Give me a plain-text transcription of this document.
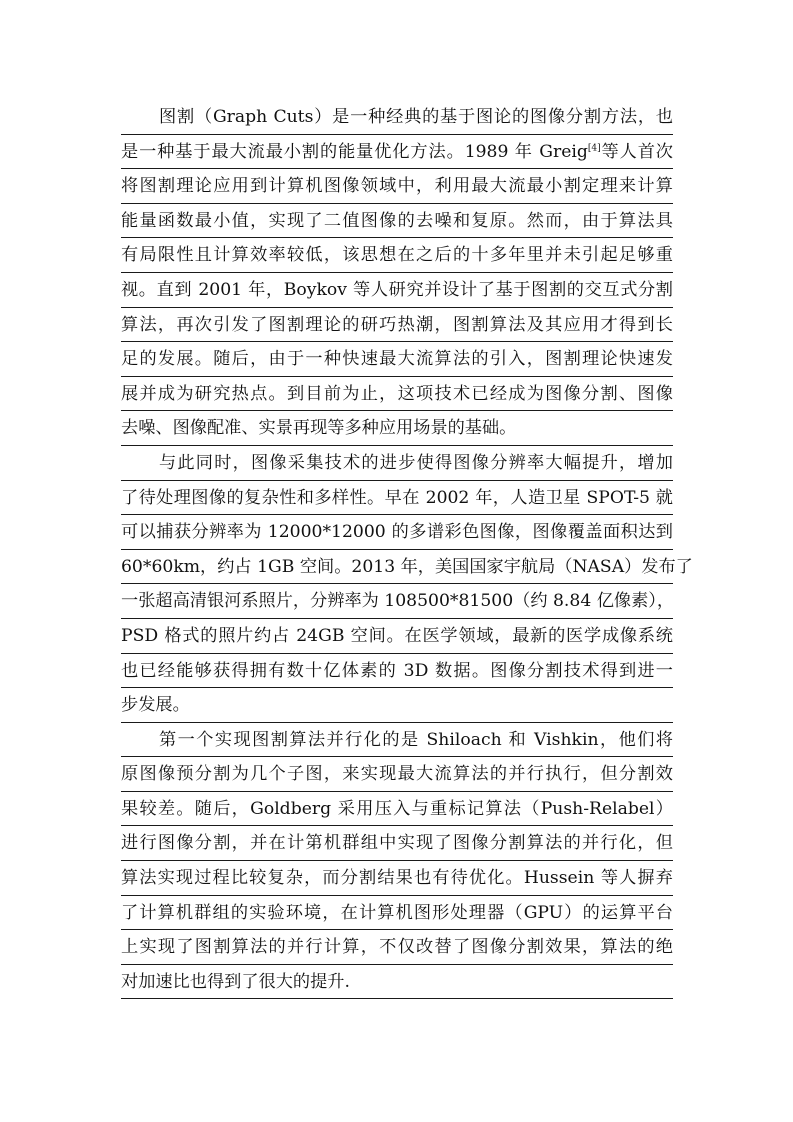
图割（Graph Cuts）是一种经典的基于图论的图像分割方法，也
是一种基于最大流最小割的能量优化方法。1989 年 Greig[4]等人首次
将图割理论应用到计算机图像领域中，利用最大流最小割定理来计算
能量函数最小值，实现了二值图像的去噪和复原。然而，由于算法具
有局限性且计算效率较低，该思想在之后的十多年里并未引起足够重
视。直到 2001 年，Boykov 等人研究并设计了基于图割的交互式分割
算法，再次引发了图割理论的研巧热潮，图割算法及其应用才得到长
足的发展。随后，由于一种快速最大流算法的引入，图割理论快速发
展并成为研究热点。到目前为止，这项技术已经成为图像分割、图像
去噪、图像配准、实景再现等多种应用场景的基础。
与此同时，图像采集技术的进步使得图像分辨率大幅提升，增加
了待处理图像的复杂性和多样性。早在 2002 年，人造卫星 SPOT-5 就
可以捕获分辨率为 12000*12000 的多谱彩色图像，图像覆盖面积达到
60*60km，约占 1GB 空间。2013 年，美国国家宇航局（NASA）发布了
一张超高清银河系照片，分辨率为 108500*81500（约 8.84 亿像素），
PSD 格式的照片约占 24GB 空间。在医学领域，最新的医学成像系统
也已经能够获得拥有数十亿体素的 3D 数据。图像分割技术得到进一
步发展。
第一个实现图割算法并行化的是 Shiloach 和 Vishkin，他们将
原图像预分割为几个子图，来实现最大流算法的并行执行，但分割效
果较差。随后，Goldberg 采用压入与重标记算法（Push-Relabel）
进行图像分割，并在计第机群组中实现了图像分割算法的并行化，但
算法实现过程比较复杂，而分割结果也有待优化。Hussein 等人摒弃
了计算机群组的实验环境，在计算机图形处理器（GPU）的运算平台
上实现了图割算法的并行计算，不仅改替了图像分割效果，算法的绝
对加速比也得到了很大的提升.
